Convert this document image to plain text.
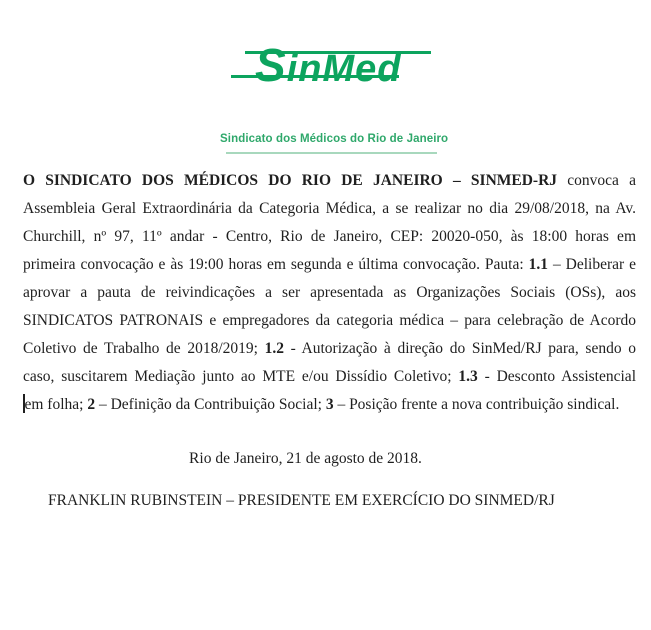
SinMed
Sindicato dos Médicos do Rio de Janeiro
O SINDICATO DOS MÉDICOS DO RIO DE JANEIRO – SINMED-RJ convoca a
Assembleia Geral Extraordinária da Categoria Médica, a se realizar no dia 29/08/2018, na Av.
Churchill, nº 97, 11º andar - Centro, Rio de Janeiro, CEP: 20020-050, às 18:00 horas em
primeira convocação e às 19:00 horas em segunda e última convocação. Pauta: 1.1 – Deliberar e
aprovar a pauta de reivindicações a ser apresentada as Organizações Sociais (OSs), aos
SINDICATOS PATRONAIS e empregadores da categoria médica – para celebração de Acordo
Coletivo de Trabalho de 2018/2019; 1.2 - Autorização à direção do SinMed/RJ para, sendo o
caso, suscitarem Mediação junto ao MTE e/ou Dissídio Coletivo; 1.3 - Desconto Assistencial
em folha; 2 – Definição da Contribuição Social; 3 – Posição frente a nova contribuição sindical.
Rio de Janeiro, 21 de agosto de 2018.
FRANKLIN RUBINSTEIN – PRESIDENTE EM EXERCÍCIO DO SINMED/RJ
